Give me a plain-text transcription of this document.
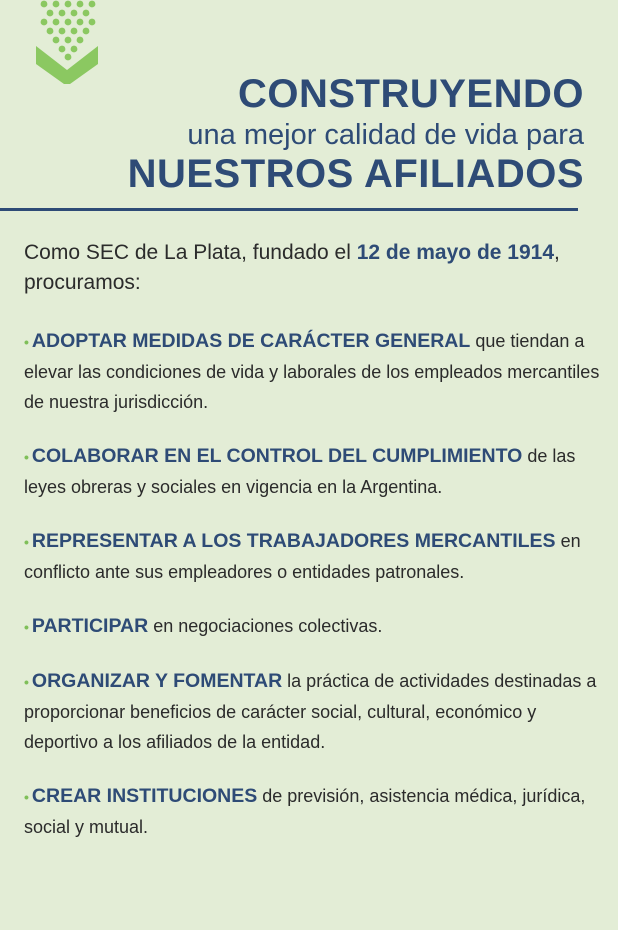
CONSTRUYENDO
una mejor calidad de vida para
NUESTROS AFILIADOS
Como SEC de La Plata, fundado el 12 de mayo de 1914, procuramos:
• ADOPTAR MEDIDAS DE CARÁCTER GENERAL que tiendan a elevar las condiciones de vida y laborales de los empleados mercantiles de nuestra jurisdicción.
• COLABORAR EN EL CONTROL DEL CUMPLIMIENTO de las leyes obreras y sociales en vigencia en la Argentina.
• REPRESENTAR A LOS TRABAJADORES MERCANTILES en conflicto ante sus empleadores o entidades patronales.
• PARTICIPAR en negociaciones colectivas.
• ORGANIZAR Y FOMENTAR la práctica de actividades destinadas a proporcionar beneficios de carácter social, cultural, económico y deportivo a los afiliados de la entidad.
• CREAR INSTITUCIONES de previsión, asistencia médica, jurídica, social y mutual.
